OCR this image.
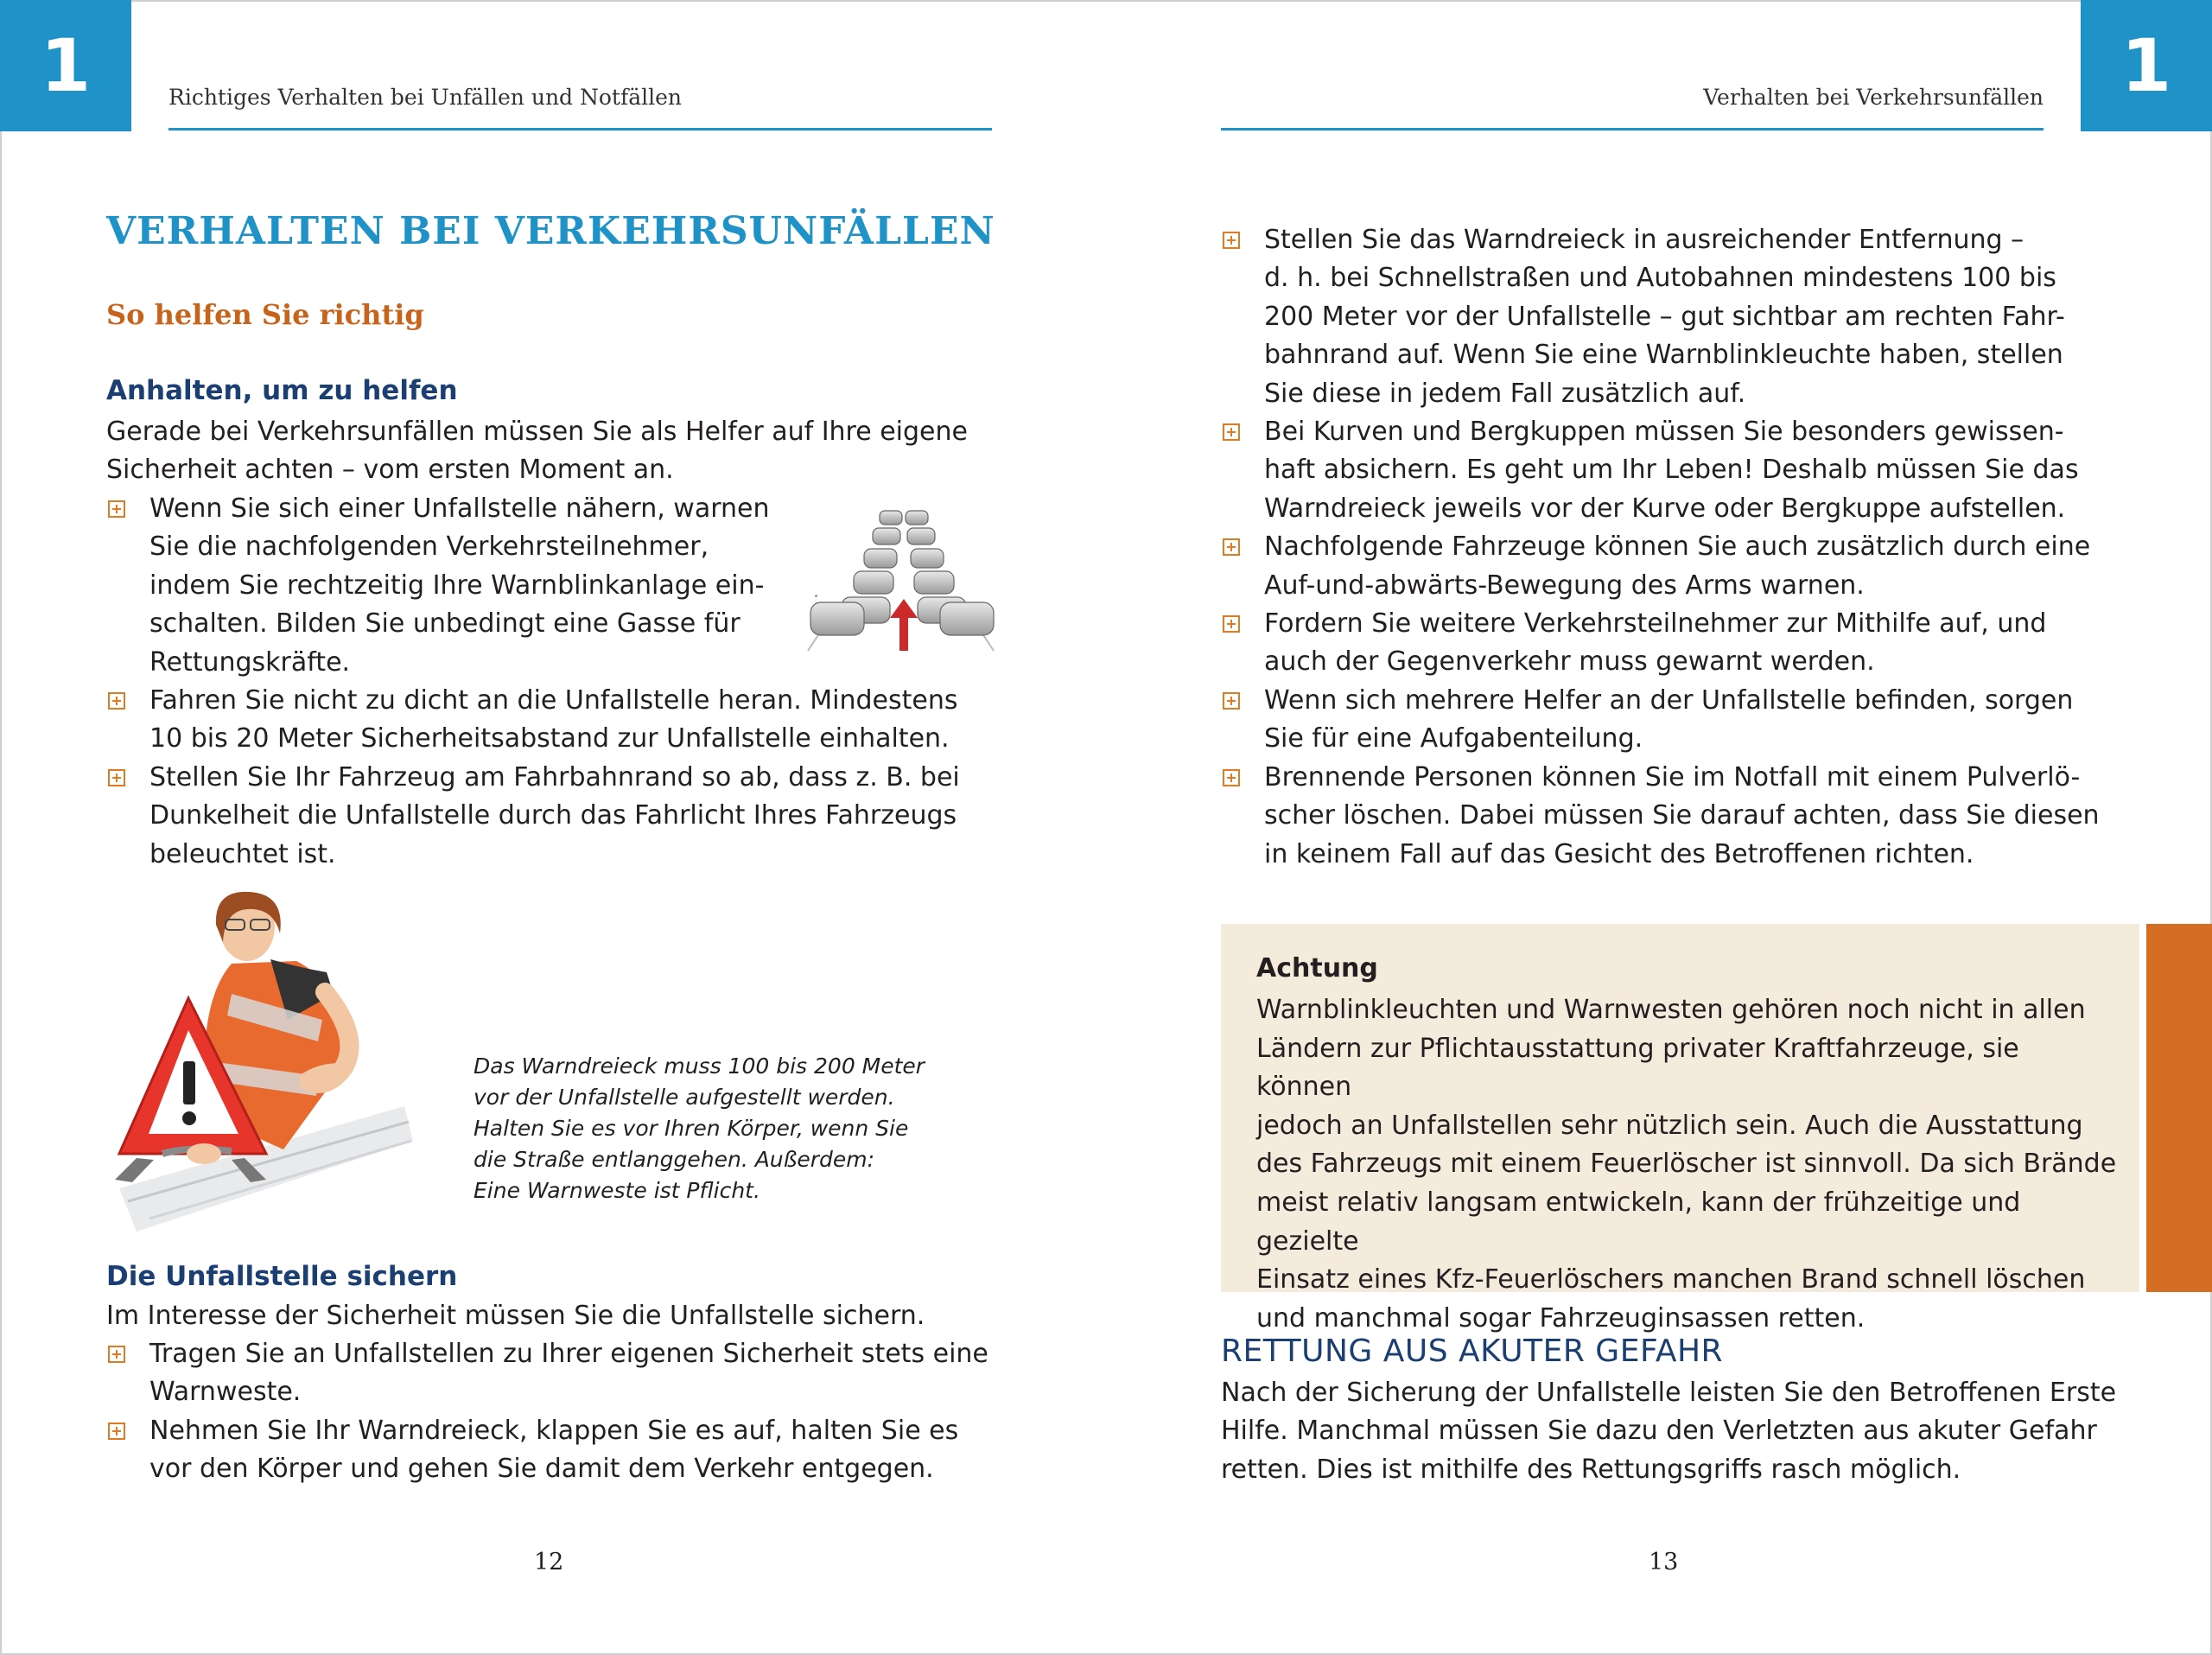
1	Richtiges Verhalten bei Unfällen und Notfällen
VERHALTEN BEI VERKEHRSUNFÄLLEN
So helfen Sie richtig
Anhalten, um zu helfen

Gerade bei Verkehrsunfällen müssen Sie als Helfer auf Ihre eigene
Sicherheit achten – vom ersten Moment an.

Wenn Sie sich einer Unfallstelle nähern, warnen
Sie die nachfolgenden Verkehrsteilnehmer,
indem Sie rechtzeitig Ihre Warnblinkanlage ein-
schalten. Bilden Sie unbedingt eine Gasse für
Rettungskräfte.
Fahren Sie nicht zu dicht an die Unfallstelle heran. Mindestens
10 bis 20 Meter Sicherheitsabstand zur Unfallstelle einhalten.
Stellen Sie Ihr Fahrzeug am Fahrbahnrand so ab, dass z. B. bei
Dunkelheit die Unfallstelle durch das Fahrlicht Ihres Fahrzeugs
beleuchtet ist.

Das Warndreieck muss 100 bis 200 Meter
vor der Unfallstelle aufgestellt werden.
Halten Sie es vor Ihren Körper, wenn Sie
die Straße entlanggehen. Außerdem:
Eine Warnweste ist Pflicht.

Die Unfallstelle sichern

Im Interesse der Sicherheit müssen Sie die Unfallstelle sichern.

Tragen Sie an Unfallstellen zu Ihrer eigenen Sicherheit stets eine
Warnweste.
Nehmen Sie Ihr Warndreieck, klappen Sie es auf, halten Sie es
vor den Körper und gehen Sie damit dem Verkehr entgegen.
12
1
Verhalten bei Verkehrsunfällen
Stellen Sie das Warndreieck in ausreichender Entfernung –
d. h. bei Schnellstraßen und Autobahnen mindestens 100 bis
200 Meter vor der Unfallstelle – gut sichtbar am rechten Fahr-
bahnrand auf. Wenn Sie eine Warnblinkleuchte haben, stellen
Sie diese in jedem Fall zusätzlich auf.
Bei Kurven und Bergkuppen müssen Sie besonders gewissen-
haft absichern. Es geht um Ihr Leben! Deshalb müssen Sie das
Warndreieck jeweils vor der Kurve oder Bergkuppe aufstellen.
Nachfolgende Fahrzeuge können Sie auch zusätzlich durch eine
Auf-und-abwärts-Bewegung des Arms warnen.
Fordern Sie weitere Verkehrsteilnehmer zur Mithilfe auf, und
auch der Gegenverkehr muss gewarnt werden.
Wenn sich mehrere Helfer an der Unfallstelle befinden, sorgen
Sie für eine Aufgabenteilung.
Brennende Personen können Sie im Notfall mit einem Pulverlö-
scher löschen. Dabei müssen Sie darauf achten, dass Sie diesen
in keinem Fall auf das Gesicht des Betroffenen richten.
Achtung

Warnblinkleuchten und Warnwesten gehören noch nicht in allen
Ländern zur Pflichtausstattung privater Kraftfahrzeuge, sie können
jedoch an Unfallstellen sehr nützlich sein. Auch die Ausstattung
des Fahrzeugs mit einem Feuerlöscher ist sinnvoll. Da sich Brände
meist relativ langsam entwickeln, kann der frühzeitige und gezielte
Einsatz eines Kfz-Feuerlöschers manchen Brand schnell löschen
und manchmal sogar Fahrzeuginsassen retten.

RETTUNG AUS AKUTER GEFAHR

Nach der Sicherung der Unfallstelle leisten Sie den Betroffenen Erste
Hilfe. Manchmal müssen Sie dazu den Verletzten aus akuter Gefahr
retten. Dies ist mithilfe des Rettungsgriffs rasch möglich.

13
